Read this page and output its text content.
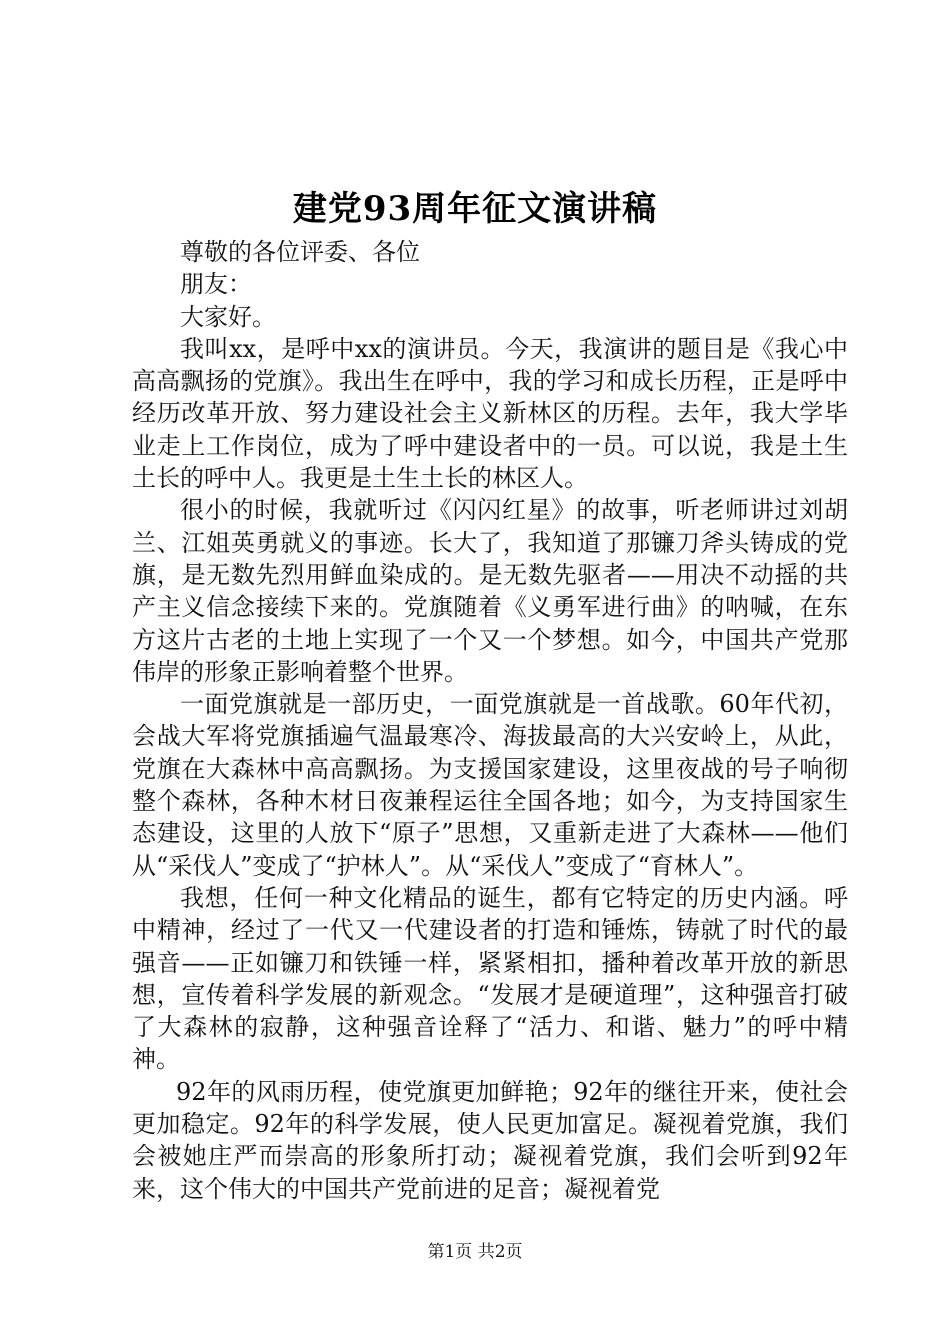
建党93周年征文演讲稿

尊敬的各位评委、各位

朋友：

大家好。

我叫xx，是呼中xx的演讲员。今天，我演讲的题目是《我心中高高飘扬的党旗》。我出生在呼中，我的学习和成长历程，正是呼中经历改革开放、努力建设社会主义新林区的历程。去年，我大学毕业走上工作岗位，成为了呼中建设者中的一员。可以说，我是土生土长的呼中人。我更是土生土长的林区人。

很小的时候，我就听过《闪闪红星》的故事，听老师讲过刘胡兰、江姐英勇就义的事迹。长大了，我知道了那镰刀斧头铸成的党旗，是无数先烈用鲜血染成的。是无数先驱者——用决不动摇的共产主义信念接续下来的。党旗随着《义勇军进行曲》的呐喊，在东方这片古老的土地上实现了一个又一个梦想。如今，中国共产党那伟岸的形象正影响着整个世界。

一面党旗就是一部历史，一面党旗就是一首战歌。60年代初，会战大军将党旗插遍气温最寒冷、海拔最高的大兴安岭上，从此，党旗在大森林中高高飘扬。为支援国家建设，这里夜战的号子响彻整个森林，各种木材日夜兼程运往全国各地；如今，为支持国家生态建设，这里的人放下“原子”思想，又重新走进了大森林——他们从“采伐人”变成了“护林人”。从“采伐人”变成了“育林人”。

我想，任何一种文化精品的诞生，都有它特定的历史内涵。呼中精神，经过了一代又一代建设者的打造和锤炼，铸就了时代的最强音——正如镰刀和铁锤一样，紧紧相扣，播种着改革开放的新思想，宣传着科学发展的新观念。“发展才是硬道理”，这种强音打破了大森林的寂静，这种强音诠释了“活力、和谐、魅力”的呼中精神。

92年的风雨历程，使党旗更加鲜艳；92年的继往开来，使社会更加稳定。92年的科学发展，使人民更加富足。凝视着党旗，我们会被她庄严而崇高的形象所打动；凝视着党旗，我们会听到92年来，这个伟大的中国共产党前进的足音；凝视着党

第1页 共2页
